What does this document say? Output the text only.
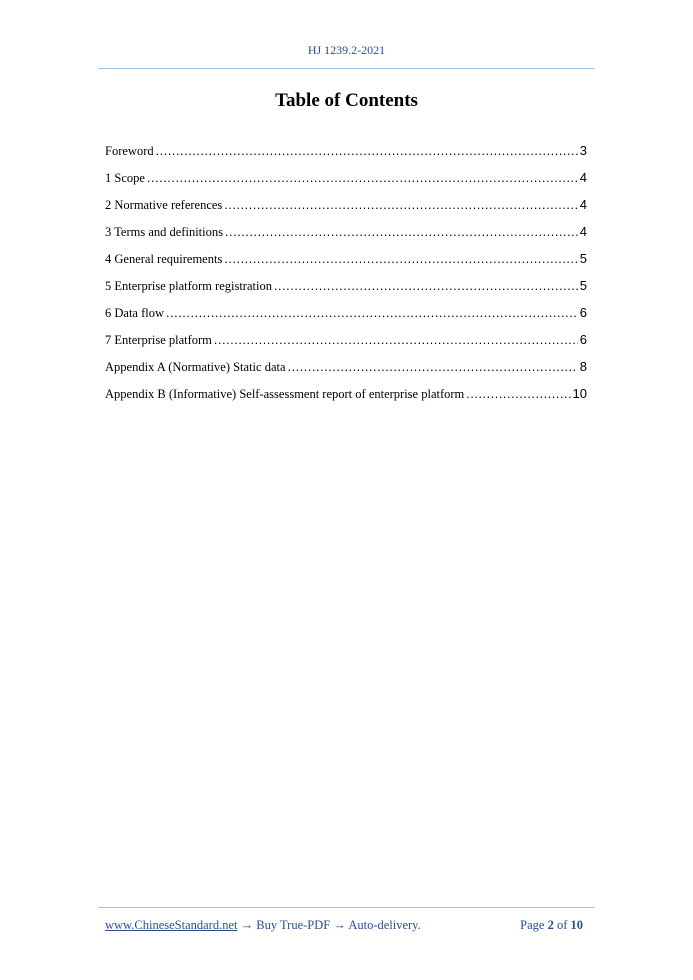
HJ 1239.2-2021
Table of Contents
Foreword .....	3
1 Scope .....	4
2 Normative references .....	4
3 Terms and definitions .....	4
4 General requirements .....	5
5 Enterprise platform registration .....	5
6 Data flow .....	6
7 Enterprise platform .....	6
Appendix A (Normative) Static data .....	8
Appendix B (Informative) Self-assessment report of enterprise platform .....	10
www.ChineseStandard.net → Buy True-PDF → Auto-delivery.	Page 2 of 10
